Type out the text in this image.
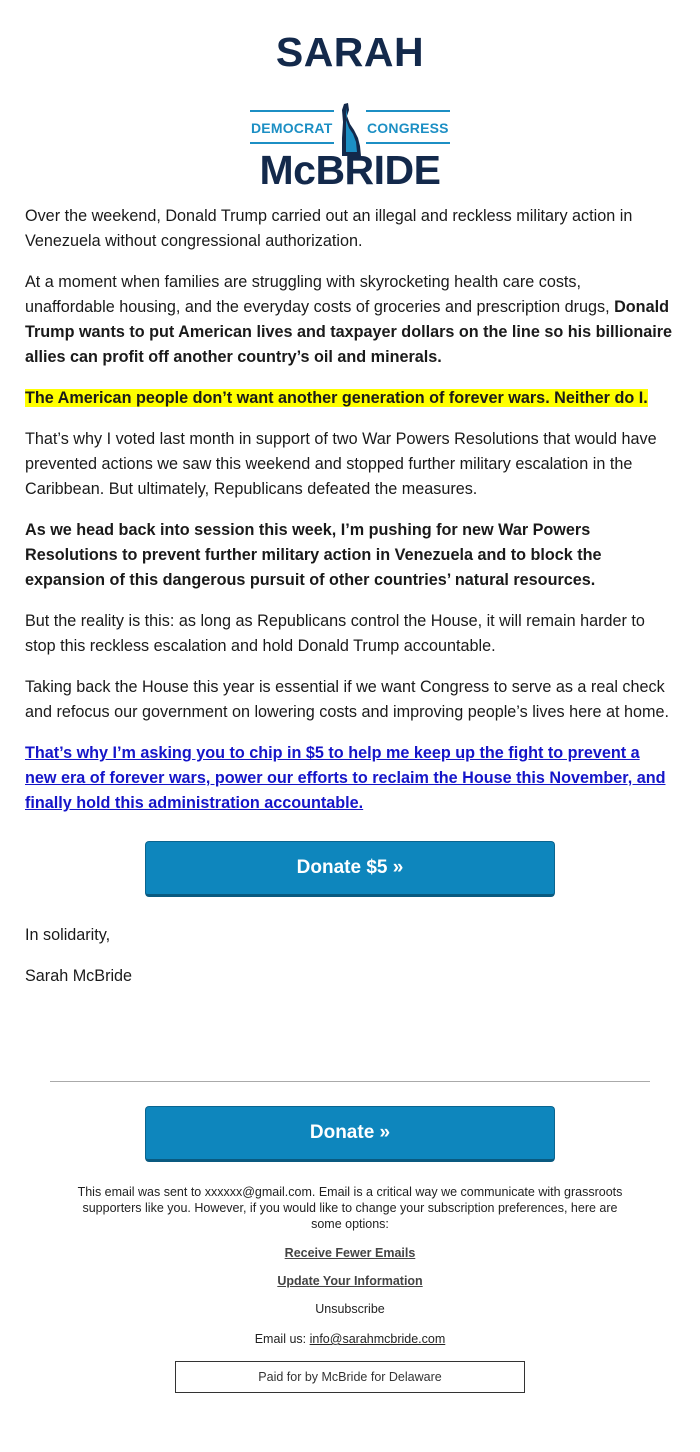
SARAH
DEMOCRAT CONGRESS
McBRIDE

Over the weekend, Donald Trump carried out an illegal and reckless military action in Venezuela without congressional authorization.

At a moment when families are struggling with skyrocketing health care costs, unaffordable housing, and the everyday costs of groceries and prescription drugs, Donald Trump wants to put American lives and taxpayer dollars on the line so his billionaire allies can profit off another country’s oil and minerals.

The American people don’t want another generation of forever wars. Neither do I.

That’s why I voted last month in support of two War Powers Resolutions that would have prevented actions we saw this weekend and stopped further military escalation in the Caribbean. But ultimately, Republicans defeated the measures.

As we head back into session this week, I’m pushing for new War Powers Resolutions to prevent further military action in Venezuela and to block the expansion of this dangerous pursuit of other countries’ natural resources.

But the reality is this: as long as Republicans control the House, it will remain harder to stop this reckless escalation and hold Donald Trump accountable.

Taking back the House this year is essential if we want Congress to serve as a real check and refocus our government on lowering costs and improving people’s lives here at home.

That’s why I’m asking you to chip in $5 to help me keep up the fight to prevent a new era of forever wars, power our efforts to reclaim the House this November, and finally hold this administration accountable.

Donate $5 »

In solidarity,

Sarah McBride

Donate »
This email was sent to xxxxxx@gmail.com. Email is a critical way we communicate with grassroots supporters like you. However, if you would like to change your subscription preferences, here are some options:
Receive Fewer Emails
Update Your Information
Unsubscribe
Email us: info@sarahmcbride.com
Paid for by McBride for Delaware
